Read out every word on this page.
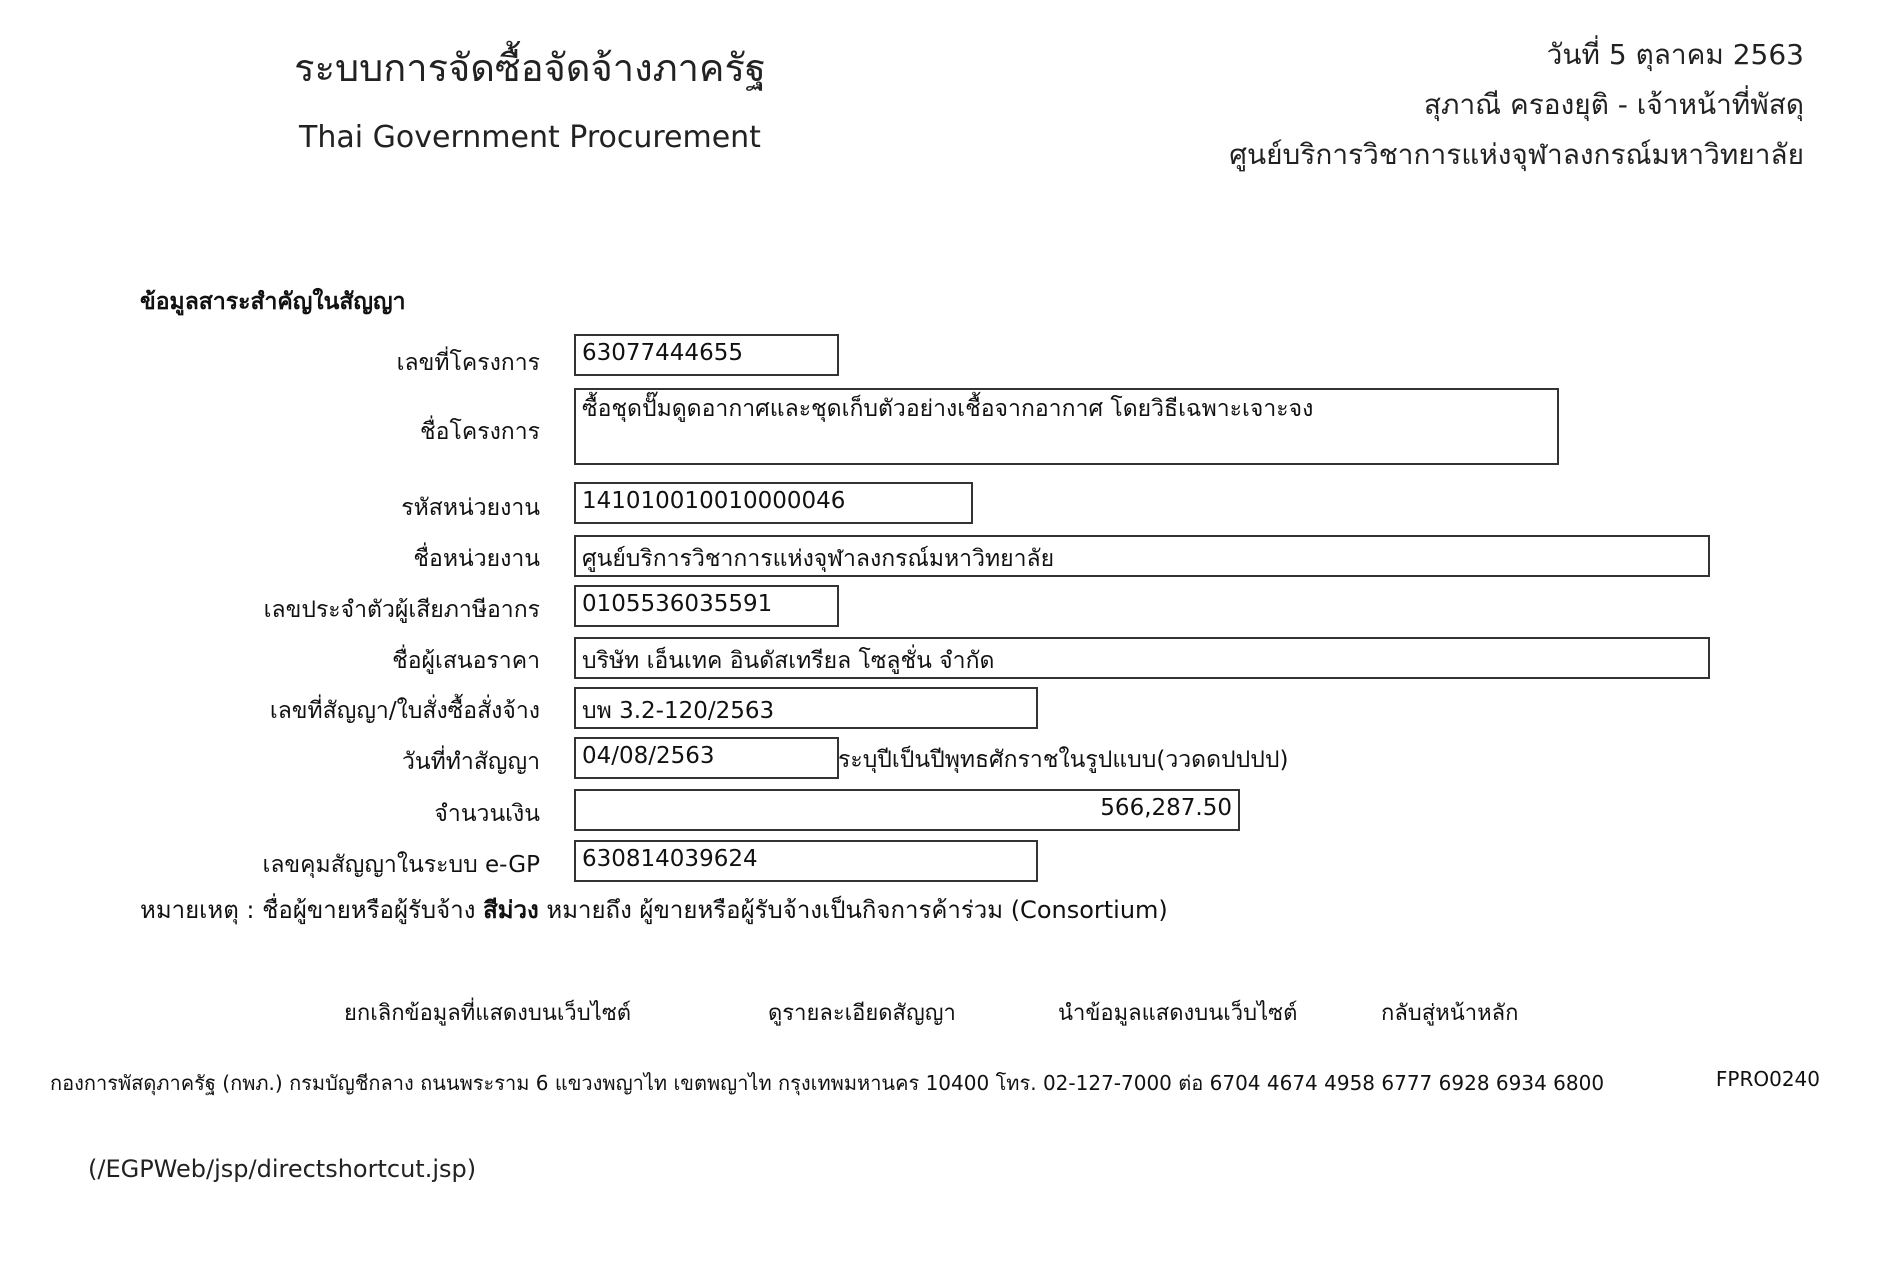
ระบบการจัดซื้อจัดจ้างภาครัฐ
Thai Government Procurement
วันที่ 5 ตุลาคม 2563
สุภาณี ครองยุติ - เจ้าหน้าที่พัสดุ
ศูนย์บริการวิชาการแห่งจุฬาลงกรณ์มหาวิทยาลัย
ข้อมูลสาระสำคัญในสัญญา
เลขที่โครงการ	63077444655
ชื่อโครงการ
ซื้อชุดปั๊มดูดอากาศและชุดเก็บตัวอย่างเชื้อจากอากาศ โดยวิธีเฉพาะเจาะจง
รหัสหน่วยงาน	141010010010000046
ชื่อหน่วยงาน	ศูนย์บริการวิชาการแห่งจุฬาลงกรณ์มหาวิทยาลัย
เลขประจำตัวผู้เสียภาษีอากร	0105536035591
ชื่อผู้เสนอราคา	บริษัท เอ็นเทค อินดัสเทรียล โซลูชั่น จำกัด
เลขที่สัญญา/ใบสั่งซื้อสั่งจ้าง	บพ 3.2-120/2563
วันที่ทำสัญญา	04/08/2563	ระบุปีเป็นปีพุทธศักราชในรูปแบบ(ววดดปปปป)
จำนวนเงิน	566,287.50
เลขคุมสัญญาในระบบ e-GP	630814039624
หมายเหตุ : ชื่อผู้ขายหรือผู้รับจ้าง สีม่วง หมายถึง ผู้ขายหรือผู้รับจ้างเป็นกิจการค้าร่วม (Consortium)
ยกเลิกข้อมูลที่แสดงบนเว็บไซต์	ดูรายละเอียดสัญญา	นำข้อมูลแสดงบนเว็บไซต์	กลับสู่หน้าหลัก
กองการพัสดุภาครัฐ (กพภ.) กรมบัญชีกลาง ถนนพระราม 6 แขวงพญาไท เขตพญาไท กรุงเทพมหานคร 10400 โทร. 02-127-7000 ต่อ 6704 4674 4958 6777 6928 6934 6800	FPRO0240
(/EGPWeb/jsp/directshortcut.jsp)
